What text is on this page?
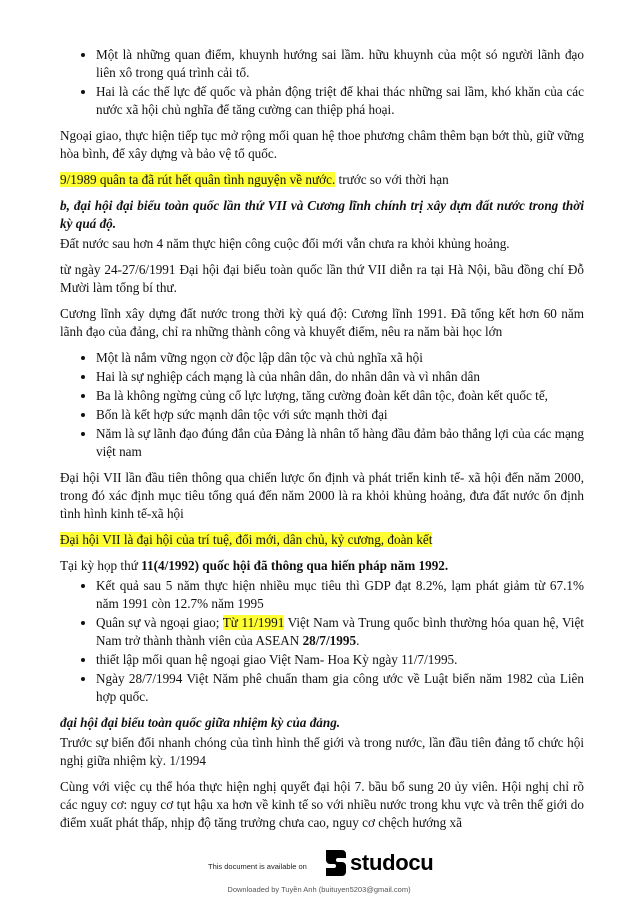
• Một là những quan điểm, khuynh hướng sai lầm. hữu khuynh của một só người lãnh đạo liên xô trong quá trình cải tổ.
• Hai là các thế lực đế quốc và phản động triệt để khai thác những sai lầm, khó khăn của các nước xã hội chủ nghĩa để tăng cường can thiệp phá hoại.

Ngoại giao, thực hiện tiếp tục mở rộng mối quan hệ thoe phương châm thêm bạn bớt thù, giữ vững hòa bình, để xây dựng và bảo vệ tổ quốc.

9/1989 quân ta đã rút hết quân tình nguyện về nước. trước so với thời hạn

b, đại hội đại biểu toàn quốc lần thứ VII và Cương lĩnh chính trị xây dựn đất nước trong thời kỳ quá độ.

Đất nước sau hơn 4 năm thực hiện công cuộc đổi mới vẫn chưa ra khỏi khủng hoảng.

từ ngày 24-27/6/1991 Đại hội đại biểu toàn quốc lần thứ VII diễn ra tại Hà Nội, bầu đồng chí Đỗ Mười làm tổng bí thư.

Cương lĩnh xây dựng đất nước trong thời kỳ quá độ: Cương lĩnh 1991. Đã tổng kết hơn 60 năm lãnh đạo của đảng, chỉ ra những thành công và khuyết điểm, nêu ra năm bài học lớn

• Một là nắm vững ngọn cờ độc lập dân tộc và chủ nghĩa xã hội
• Hai là sự nghiệp cách mạng là của nhân dân, do nhân dân và vì nhân dân
• Ba là không ngừng củng cố lực lượng, tăng cường đoàn kết dân tộc, đoàn kết quốc tế,
• Bốn là kết hợp sức mạnh dân tộc với sức mạnh thời đại
• Năm là sự lãnh đạo đúng đắn của Đảng là nhân tố hàng đầu đảm bảo thắng lợi của các mạng việt nam

Đại hội VII lần đầu tiên thông qua chiến lược ổn định và phát triển kinh tế- xã hội đến năm 2000, trong đó xác định mục tiêu tổng quá đến năm 2000 là ra khỏi khủng hoảng, đưa đất nước ổn định tình hình kinh tế-xã hội

Đại hội VII là đại hội của trí tuệ, đổi mới, dân chủ, kỷ cương, đoàn kết

Tại kỳ họp thứ 11(4/1992) quốc hội đã thông qua hiến pháp năm 1992.

• Kết quả sau 5 năm thực hiện nhiều mục tiêu thì GDP đạt 8.2%, lạm phát giảm từ 67.1% năm 1991 còn 12.7% năm 1995
• Quân sự và ngoại giao; Từ 11/1991 Việt Nam và Trung quốc bình thường hóa quan hệ, Việt Nam trở thành thành viên của ASEAN 28/7/1995.
• thiết lập mối quan hệ ngoại giao Việt Nam- Hoa Kỳ ngày 11/7/1995.
• Ngày 28/7/1994 Việt Năm phê chuẩn tham gia công ước về Luật biển năm 1982 của Liên hợp quốc.

đại hội đại biểu toàn quốc giữa nhiệm kỳ của đảng.

Trước sự biến đổi nhanh chóng của tình hình thế giới và trong nước, lần đầu tiên đảng tổ chức hội nghị giữa nhiệm kỳ. 1/1994

Cùng với việc cụ thể hóa thực hiện nghị quyết đại hội 7. bầu bổ sung 20 ủy viên. Hội nghị chỉ rõ các nguy cơ: nguy cơ tụt hậu xa hơn về kinh tế so với nhiều nước trong khu vực và trên thế giới do điểm xuất phát thấp, nhịp độ tăng trưởng chưa cao, nguy cơ chệch hướng xã

This document is available on studocu
Downloaded by Tuyền Anh (buituyen5203@gmail.com)
